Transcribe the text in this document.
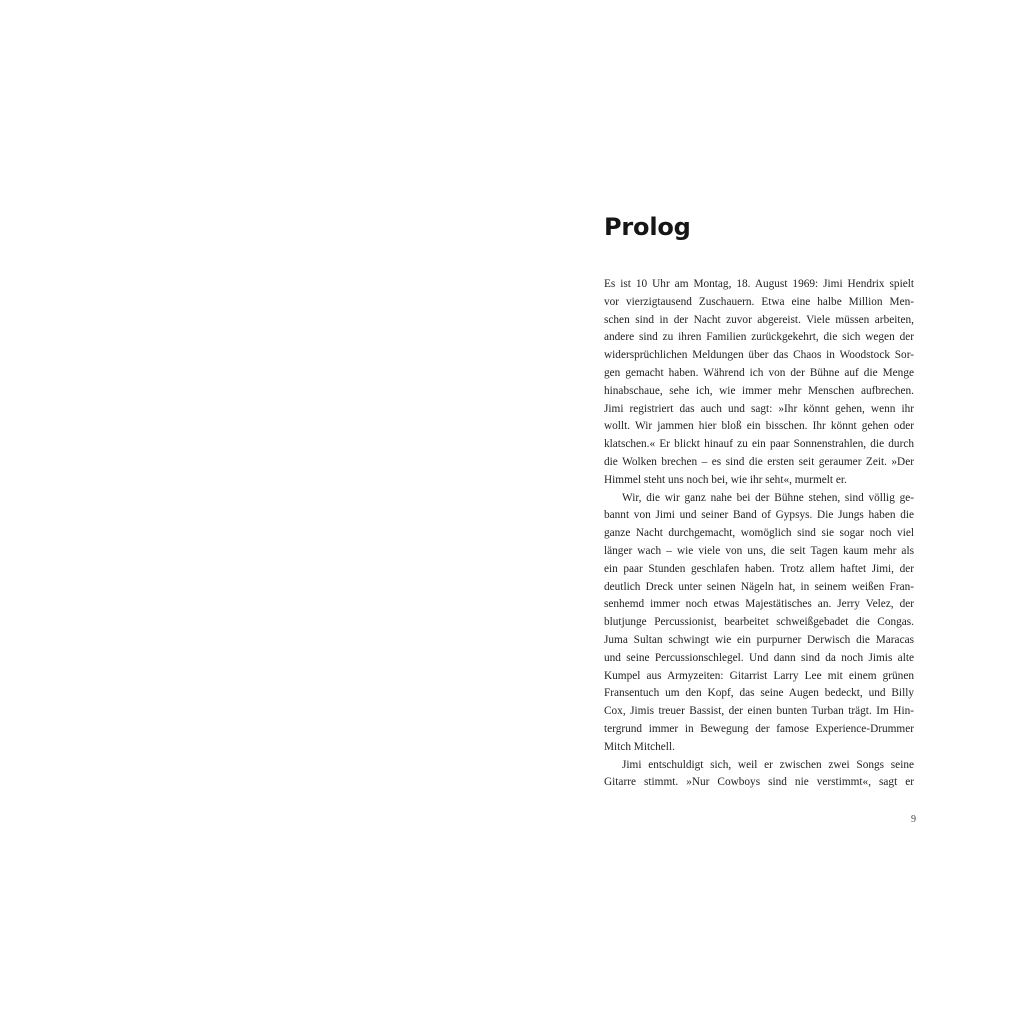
Prolog
Es ist 10 Uhr am Montag, 18. August 1969: Jimi Hendrix spielt
vor vierzigtausend Zuschauern. Etwa eine halbe Million Men-
schen sind in der Nacht zuvor abgereist. Viele müssen arbeiten,
andere sind zu ihren Familien zurückgekehrt, die sich wegen der
widersprüchlichen Meldungen über das Chaos in Woodstock Sor-
gen gemacht haben. Während ich von der Bühne auf die Menge
hinabschaue, sehe ich, wie immer mehr Menschen aufbrechen.
Jimi registriert das auch und sagt: »Ihr könnt gehen, wenn ihr
wollt. Wir jammen hier bloß ein bisschen. Ihr könnt gehen oder
klatschen.« Er blickt hinauf zu ein paar Sonnenstrahlen, die durch
die Wolken brechen – es sind die ersten seit geraumer Zeit. »Der
Himmel steht uns noch bei, wie ihr seht«, murmelt er.
Wir, die wir ganz nahe bei der Bühne stehen, sind völlig ge-
bannt von Jimi und seiner Band of Gypsys. Die Jungs haben die
ganze Nacht durchgemacht, womöglich sind sie sogar noch viel
länger wach – wie viele von uns, die seit Tagen kaum mehr als
ein paar Stunden geschlafen haben. Trotz allem haftet Jimi, der
deutlich Dreck unter seinen Nägeln hat, in seinem weißen Fran-
senhemd immer noch etwas Majestätisches an. Jerry Velez, der
blutjunge Percussionist, bearbeitet schweißgebadet die Congas.
Juma Sultan schwingt wie ein purpurner Derwisch die Maracas
und seine Percussionschlegel. Und dann sind da noch Jimis alte
Kumpel aus Armyzeiten: Gitarrist Larry Lee mit einem grünen
Fransentuch um den Kopf, das seine Augen bedeckt, und Billy
Cox, Jimis treuer Bassist, der einen bunten Turban trägt. Im Hin-
tergrund immer in Bewegung der famose Experience-Drummer
Mitch Mitchell.
Jimi entschuldigt sich, weil er zwischen zwei Songs seine
Gitarre stimmt. »Nur Cowboys sind nie verstimmt«, sagt er
9
